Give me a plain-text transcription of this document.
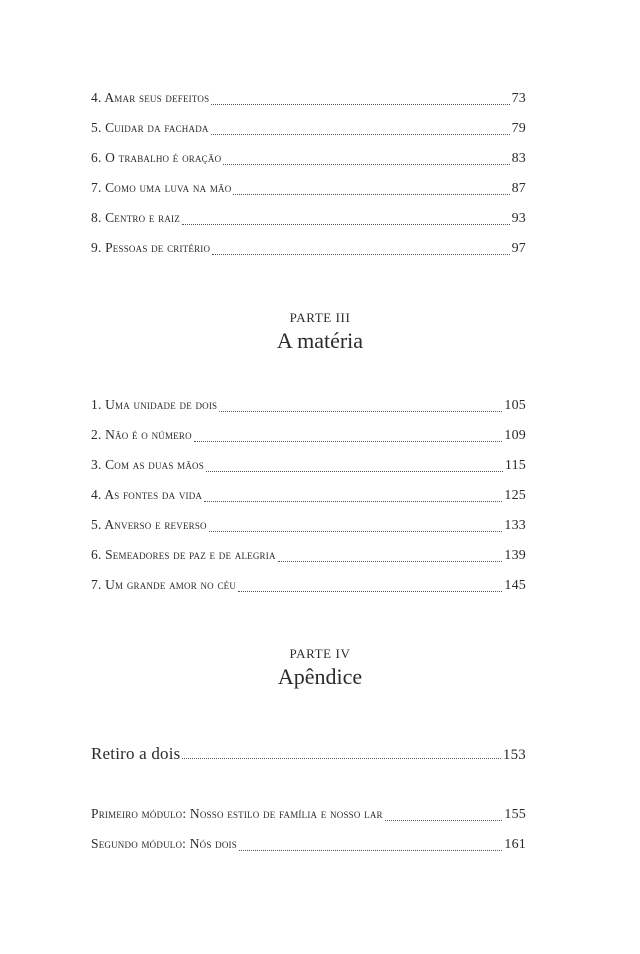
4. Amar seus defeitos	73
5. Cuidar da fachada	79
6. O trabalho é oração	83
7. Como uma luva na mão	87
8. Centro e raiz	93
9. Pessoas de critério	97
PARTE III
A matéria
1. Uma unidade de dois	105
2. Não é o número	109
3. Com as duas mãos	115
4. As fontes da vida	125
5. Anverso e reverso	133
6. Semeadores de paz e de alegria	139
7. Um grande amor no céu	145
PARTE IV
Apêndice
Retiro a dois	153
Primeiro módulo: Nosso estilo de família e nosso lar	155
Segundo módulo: Nós dois	161
